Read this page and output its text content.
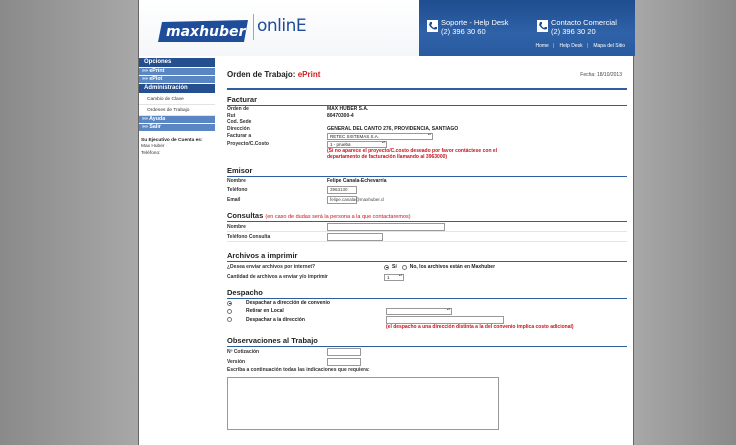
maxhuber onlinE	Soporte - Help Desk
(2) 396 30 60
Contacto Comercial
(2) 396 30 20
Home | Help Desk | Mapa del Sitio
Opciones
»» ePrint
»» ePlot
Administración
Cambio de Clave
Ordenes de Trabajo
»» Ayuda
»» Salir
Su Ejecutivo de Cuenta es:
Max Huber
Teléfono:
Orden de Trabajo: ePrint	Fecha: 18/10/2013
Facturar
Orden de	MAX HUBER S.A.
Rut	80470300-4
Cod. Sede
Dirección	GENERAL DEL CANTO 276, PROVIDENCIA, SANTIAGO
Facturar a	RETEC SISTEMAS S.A. ▴▾
Proyecto/C.Costo	1 - prueba ▴▾
(Si no aparece el proyecto/C.costo deseado por favor contáctese con el departamento de facturación llamando al 3963000)
Emisor
Nombre	Felipe Canala-Echevarría
Teléfono	3963130
Email	felipe.canala@maxhuber.cl
Consultas (en caso de dudas será la persona a la que contactaremos)
Nombre
Teléfono Consulta
Archivos a imprimir
¿Desea enviar archivos por internet?	Sí	No, los archivos están en Maxhuber
Cantidad de archivos a enviar y/o imprimir	1 ▴▾
Despacho
Despachar a dirección de convenio
Retirar en Local
▴▾
Despachar a la dirección
(el despacho a una dirección distinta a la del convenio implica costo adicional)
Observaciones al Trabajo
Nº Cotización
Versión
Escriba a continuación todas las indicaciones que requiera:
